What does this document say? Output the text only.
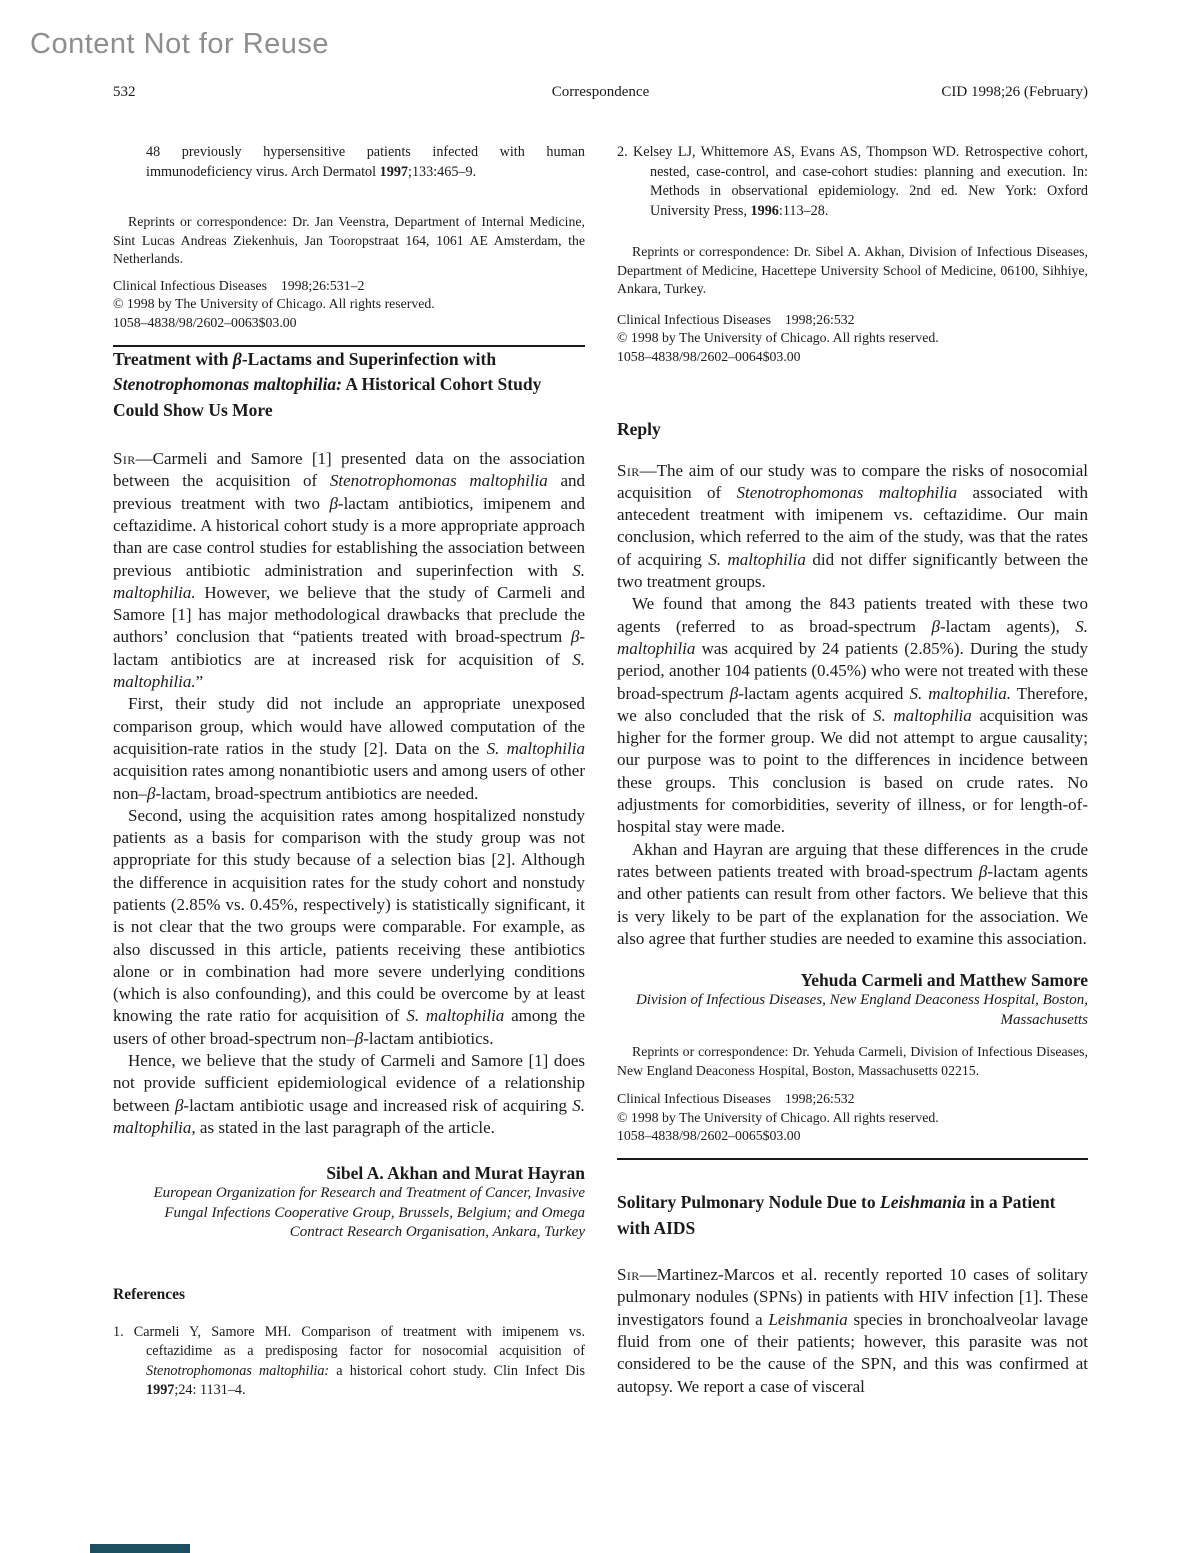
Content Not for Reuse
532	Correspondence	CID 1998;26 (February)

48 previously hypersensitive patients infected with human immunodeficiency virus. Arch Dermatol 1997;133:465–9.

Reprints or correspondence: Dr. Jan Veenstra, Department of Internal Medicine, Sint Lucas Andreas Ziekenhuis, Jan Tooropstraat 164, 1061 AE Amsterdam, the Netherlands.

Clinical Infectious Diseases    1998;26:531–2
© 1998 by The University of Chicago. All rights reserved.
1058–4838/98/2602–0063$03.00

Treatment with β-Lactams and Superinfection with Stenotrophomonas maltophilia: A Historical Cohort Study Could Show Us More

Sir—Carmeli and Samore [1] presented data on the association between the acquisition of Stenotrophomonas maltophilia and previous treatment with two β-lactam antibiotics, imipenem and ceftazidime. A historical cohort study is a more appropriate approach than are case control studies for establishing the association between previous antibiotic administration and superinfection with S. maltophilia. However, we believe that the study of Carmeli and Samore [1] has major methodological drawbacks that preclude the authors’ conclusion that “patients treated with broad-spectrum β-lactam antibiotics are at increased risk for acquisition of S. maltophilia.”

First, their study did not include an appropriate unexposed comparison group, which would have allowed computation of the acquisition-rate ratios in the study [2]. Data on the S. maltophilia acquisition rates among nonantibiotic users and among users of other non–β-lactam, broad-spectrum antibiotics are needed.

Second, using the acquisition rates among hospitalized nonstudy patients as a basis for comparison with the study group was not appropriate for this study because of a selection bias [2]. Although the difference in acquisition rates for the study cohort and nonstudy patients (2.85% vs. 0.45%, respectively) is statistically significant, it is not clear that the two groups were comparable. For example, as also discussed in this article, patients receiving these antibiotics alone or in combination had more severe underlying conditions (which is also confounding), and this could be overcome by at least knowing the rate ratio for acquisition of S. maltophilia among the users of other broad-spectrum non–β-lactam antibiotics.

Hence, we believe that the study of Carmeli and Samore [1] does not provide sufficient epidemiological evidence of a relationship between β-lactam antibiotic usage and increased risk of acquiring S. maltophilia, as stated in the last paragraph of the article.

Sibel A. Akhan and Murat Hayran

European Organization for Research and Treatment of Cancer, Invasive Fungal Infections Cooperative Group, Brussels, Belgium; and Omega Contract Research Organisation, Ankara, Turkey

References

1. Carmeli Y, Samore MH. Comparison of treatment with imipenem vs. ceftazidime as a predisposing factor for nosocomial acquisition of Stenotrophomonas maltophilia: a historical cohort study. Clin Infect Dis 1997;24: 1131–4.

2. Kelsey LJ, Whittemore AS, Evans AS, Thompson WD. Retrospective cohort, nested, case-control, and case-cohort studies: planning and execution. In: Methods in observational epidemiology. 2nd ed. New York: Oxford University Press, 1996:113–28.

Reprints or correspondence: Dr. Sibel A. Akhan, Division of Infectious Diseases, Department of Medicine, Hacettepe University School of Medicine, 06100, Sihhiye, Ankara, Turkey.

Clinical Infectious Diseases    1998;26:532
© 1998 by The University of Chicago. All rights reserved.
1058–4838/98/2602–0064$03.00

Reply

Sir—The aim of our study was to compare the risks of nosocomial acquisition of Stenotrophomonas maltophilia associated with antecedent treatment with imipenem vs. ceftazidime. Our main conclusion, which referred to the aim of the study, was that the rates of acquiring S. maltophilia did not differ significantly between the two treatment groups.

We found that among the 843 patients treated with these two agents (referred to as broad-spectrum β-lactam agents), S. maltophilia was acquired by 24 patients (2.85%). During the study period, another 104 patients (0.45%) who were not treated with these broad-spectrum β-lactam agents acquired S. maltophilia. Therefore, we also concluded that the risk of S. maltophilia acquisition was higher for the former group. We did not attempt to argue causality; our purpose was to point to the differences in incidence between these groups. This conclusion is based on crude rates. No adjustments for comorbidities, severity of illness, or for length-of-hospital stay were made.

Akhan and Hayran are arguing that these differences in the crude rates between patients treated with broad-spectrum β-lactam agents and other patients can result from other factors. We believe that this is very likely to be part of the explanation for the association. We also agree that further studies are needed to examine this association.

Yehuda Carmeli and Matthew Samore

Division of Infectious Diseases, New England Deaconess Hospital, Boston, Massachusetts

Reprints or correspondence: Dr. Yehuda Carmeli, Division of Infectious Diseases, New England Deaconess Hospital, Boston, Massachusetts 02215.

Clinical Infectious Diseases    1998;26:532
© 1998 by The University of Chicago. All rights reserved.
1058–4838/98/2602–0065$03.00

Solitary Pulmonary Nodule Due to Leishmania in a Patient with AIDS

Sir—Martinez-Marcos et al. recently reported 10 cases of solitary pulmonary nodules (SPNs) in patients with HIV infection [1]. These investigators found a Leishmania species in bronchoalveolar lavage fluid from one of their patients; however, this parasite was not considered to be the cause of the SPN, and this was confirmed at autopsy. We report a case of visceral
